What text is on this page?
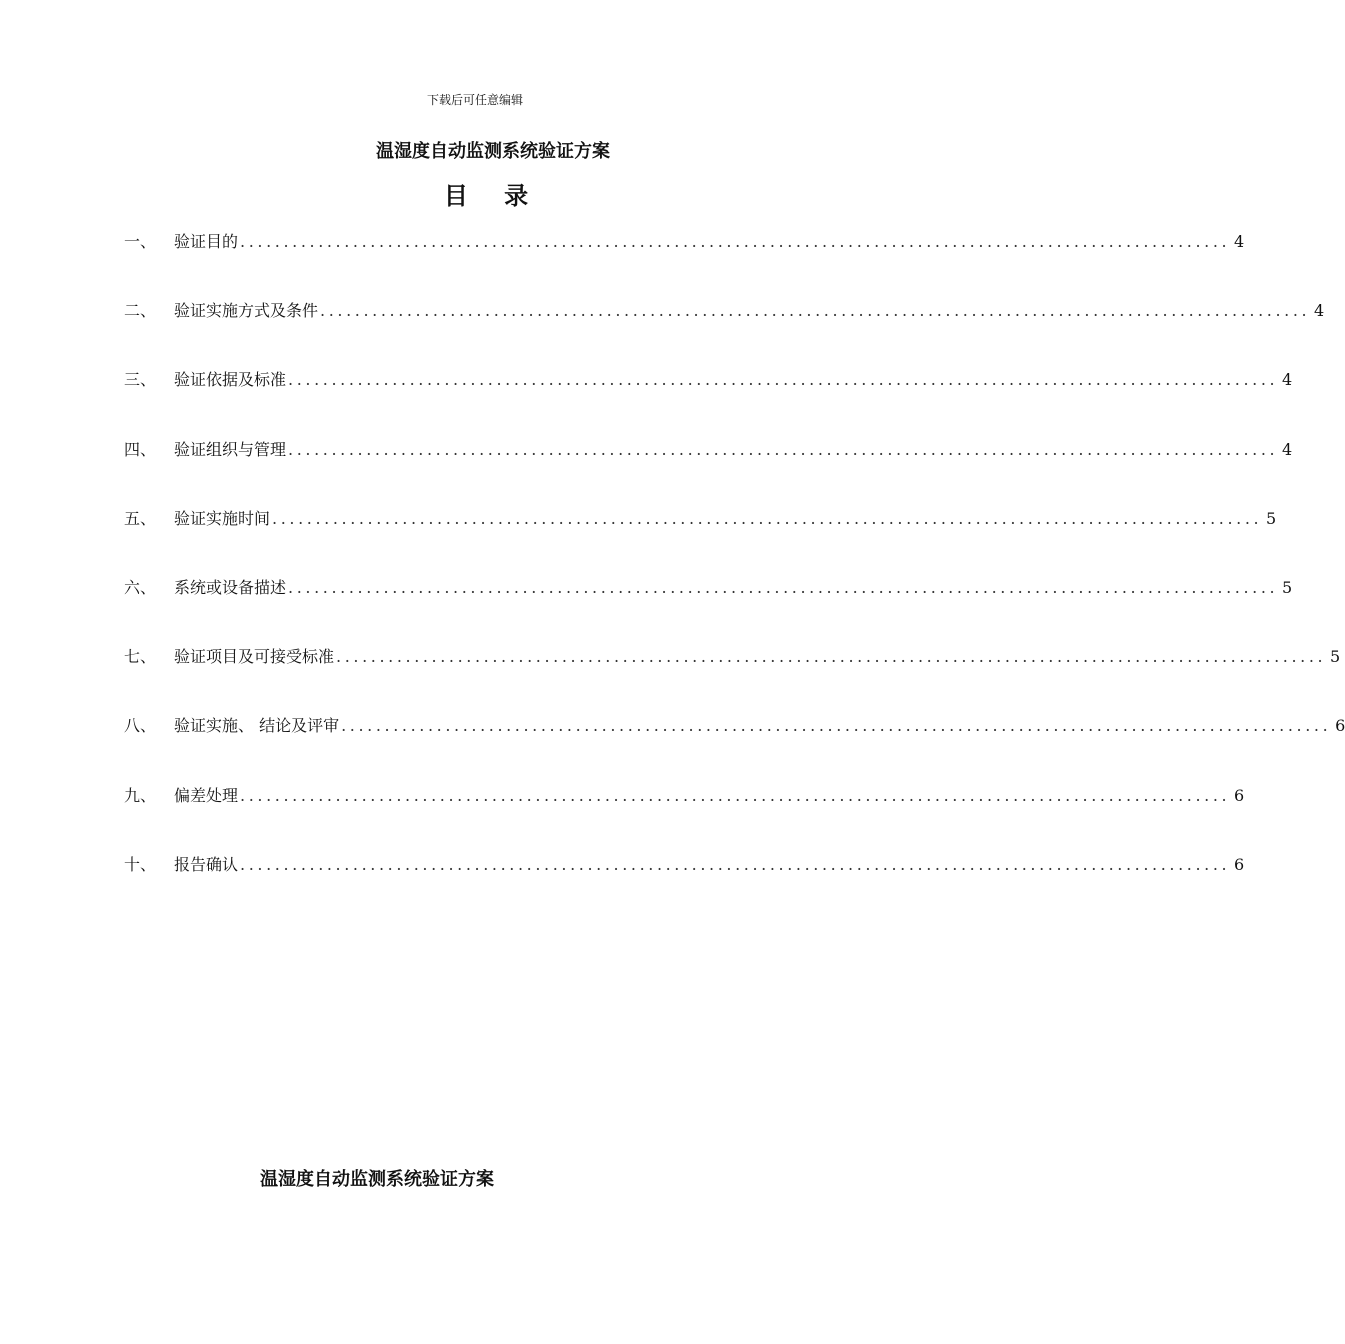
下载后可任意编辑
温湿度自动监测系统验证方案
目 录
一、	验证目的 .................................................................................................................. 4
二、	验证实施方式及条件 .................................................................................................................. 4
三、	验证依据及标准 .................................................................................................................. 4
四、	验证组织与管理 .................................................................................................................. 4
五、	验证实施时间 .................................................................................................................. 5
六、	系统或设备描述 .................................................................................................................. 5
七、	验证项目及可接受标准 .................................................................................................................. 5
八、	验证实施、 结论及评审 .................................................................................................................. 6
九、	偏差处理 .................................................................................................................. 6
十、	报告确认 .................................................................................................................. 6
温湿度自动监测系统验证方案
